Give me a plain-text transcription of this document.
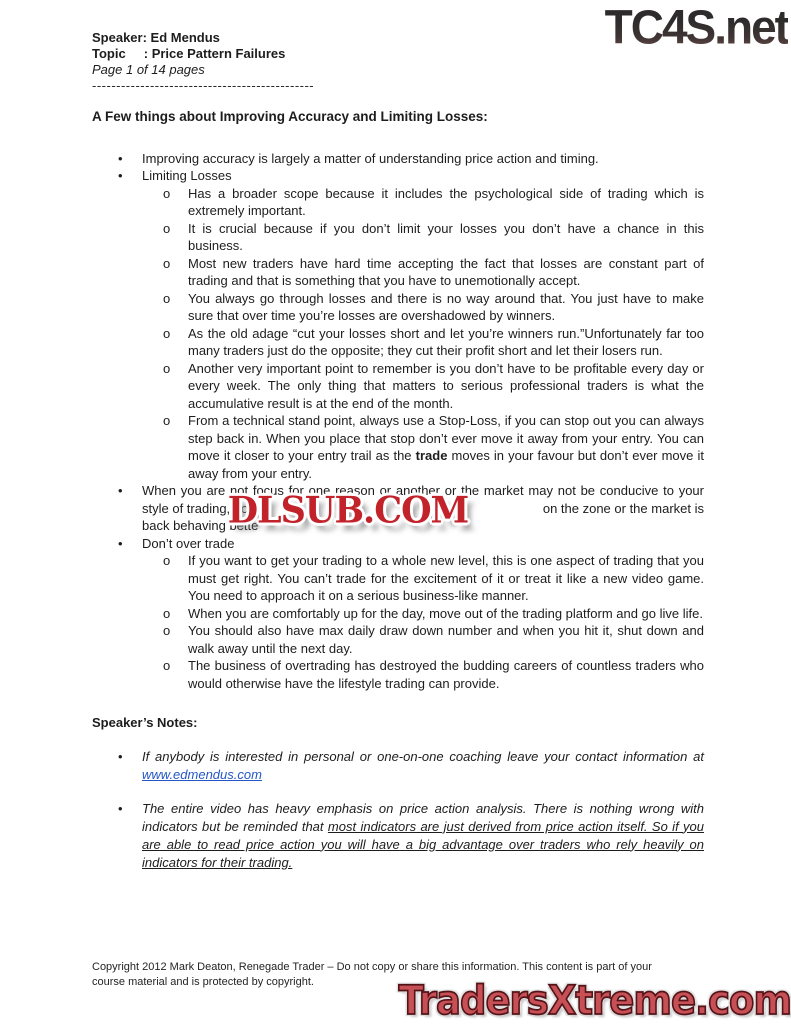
TC4S.net
Speaker: Ed Mendus
Topic     : Price Pattern Failures
Page 1 of 14 pages
----------------------------------------------
A Few things about Improving Accuracy and Limiting Losses:
•	Improving accuracy is largely a matter of understanding price action and timing.
•	Limiting Losses
o	Has a broader scope because it includes the psychological side of trading which is extremely important.
o	It is crucial because if you don’t limit your losses you don’t have a chance in this business.
o	Most new traders have hard time accepting the fact that losses are constant part of trading and that is something that you have to unemotionally accept.
o	You always go through losses and there is no way around that. You just have to make sure that over time you’re losses are overshadowed by winners.
o	As the old adage “cut your losses short and let you’re winners run.”Unfortunately far too many traders just do the opposite; they cut their profit short and let their losers run.
o	Another very important point to remember is you don’t have to be profitable every day or every week. The only thing that matters to serious professional traders is what the accumulative result is at the end of the month.
o	From a technical stand point, always use a Stop-Loss, if you can stop out you can always step back in. When you place that stop don’t ever move it away from your entry. You can move it closer to your entry trail as the trade moves in your favour but don’t ever move it away from your entry.
•	When you are not focus for one reason or another or the market may not be conducive to your
style of trading, don	on the zone or the market is
back behaving bette
DLSUB.COM
•	Don’t over trade
o	If you want to get your trading to a whole new level, this is one aspect of trading that you must get right. You can’t trade for the excitement of it or treat it like a new video game. You need to approach it on a serious business-like manner.
o	When you are comfortably up for the day, move out of the trading platform and go live life.
o	You should also have max daily draw down number and when you hit it, shut down and walk away until the next day.
o	The business of overtrading has destroyed the budding careers of countless traders who would otherwise have the lifestyle trading can provide.
Speaker’s Notes:
•	If anybody is interested in personal or one-on-one coaching leave your contact information at www.edmendus.com
•	The entire video has heavy emphasis on price action analysis. There is nothing wrong with indicators but be reminded that most indicators are just derived from price action itself. So if you are able to read price action you will have a big advantage over traders who rely heavily on indicators for their trading.
Copyright 2012 Mark Deaton, Renegade Trader – Do not copy or share this information. This content is part of your course material and is protected by copyright.	TradersXtreme.com
